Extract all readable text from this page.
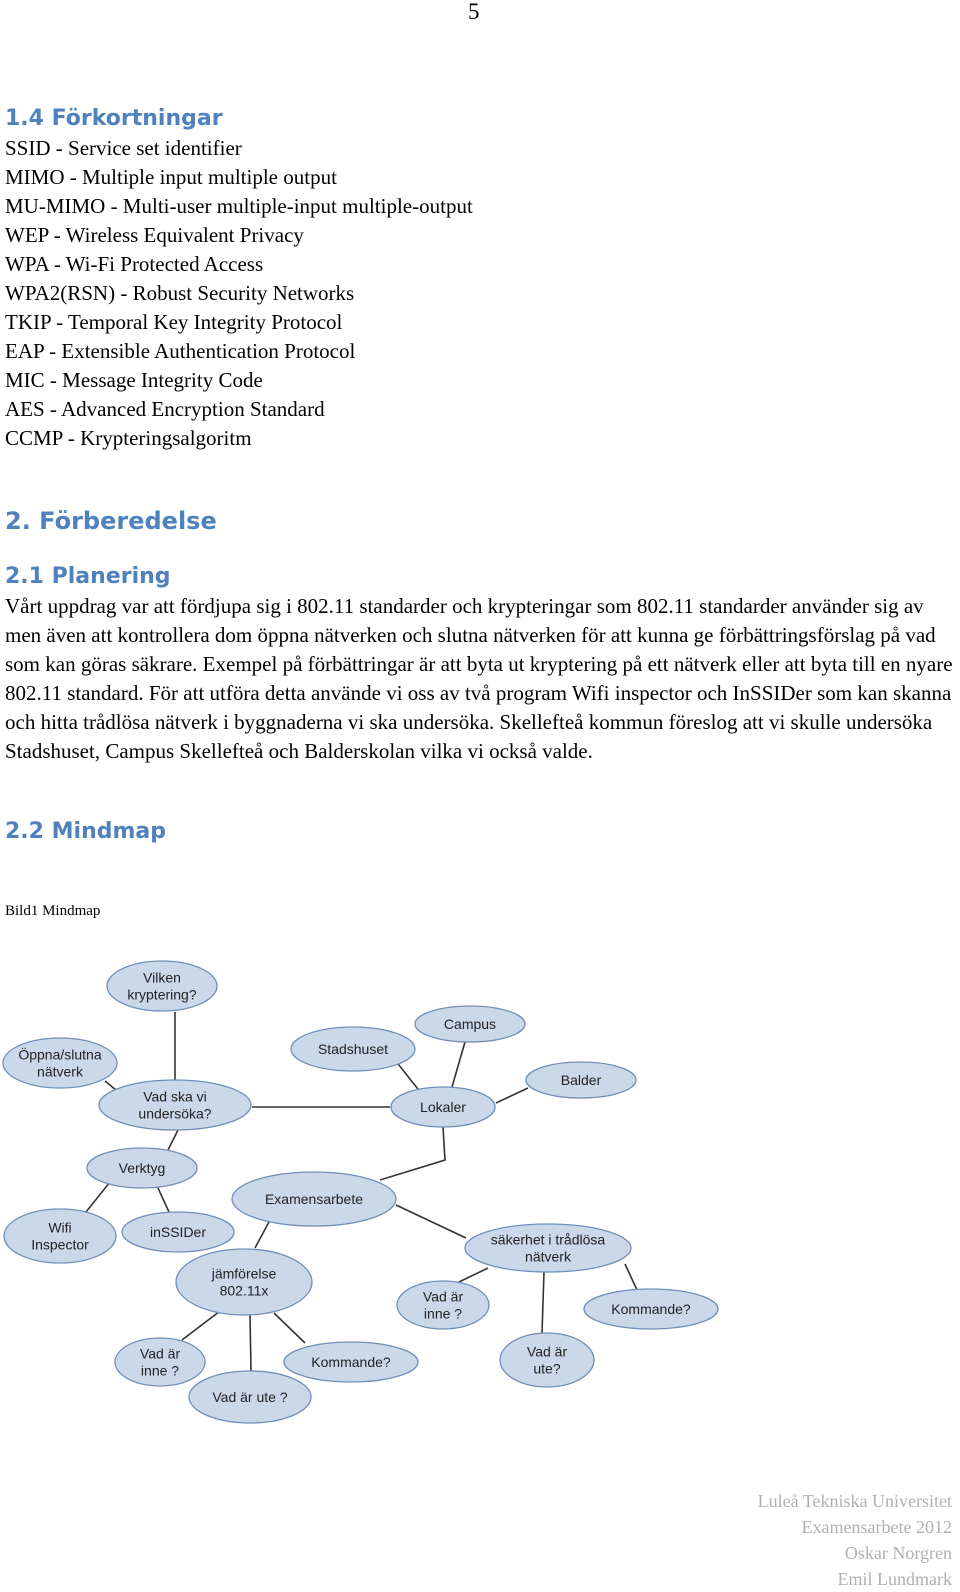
5
1.4 Förkortningar
SSID - Service set identifier
MIMO - Multiple input multiple output
MU-MIMO - Multi-user multiple-input multiple-output
WEP - Wireless Equivalent Privacy
WPA - Wi-Fi Protected Access
WPA2(RSN) - Robust Security Networks
TKIP - Temporal Key Integrity Protocol
EAP - Extensible Authentication Protocol
MIC - Message Integrity Code
AES - Advanced Encryption Standard
CCMP - Krypteringsalgoritm
2. Förberedelse
2.1 Planering

Vårt uppdrag var att fördjupa sig i 802.11 standarder och krypteringar som 802.11 standarder använder sig av men även att kontrollera dom öppna nätverken och slutna nätverken för att kunna ge förbättringsförslag på vad som kan göras säkrare. Exempel på förbättringar är att byta ut kryptering på ett nätverk eller att byta till en nyare 802.11 standard. För att utföra detta använde vi oss av två program Wifi inspector och InSSIDer som kan skanna och hitta trådlösa nätverk i byggnaderna vi ska undersöka. Skellefteå kommun föreslog att vi skulle undersöka Stadshuset, Campus Skellefteå och Balderskolan vilka vi också valde.

2.2 Mindmap
Bild1 Mindmap
Vilken
kryptering?
Öppna/slutna
nätverk
Vad ska vi
undersöka?
Campus
Stadshuset
Balder
Lokaler
Verktyg
Examensarbete
Wifi
Inspector
inSSIDer	säkerhet i trådlösa
nätverk
jämförelse
802.11x	Vad är
inne ?	Kommande?
Vad är
inne ?
Kommande?
Vad är
ute?
Vad är ute ?
Luleå Tekniska Universitet
Examensarbete 2012
Oskar Norgren
Emil Lundmark
